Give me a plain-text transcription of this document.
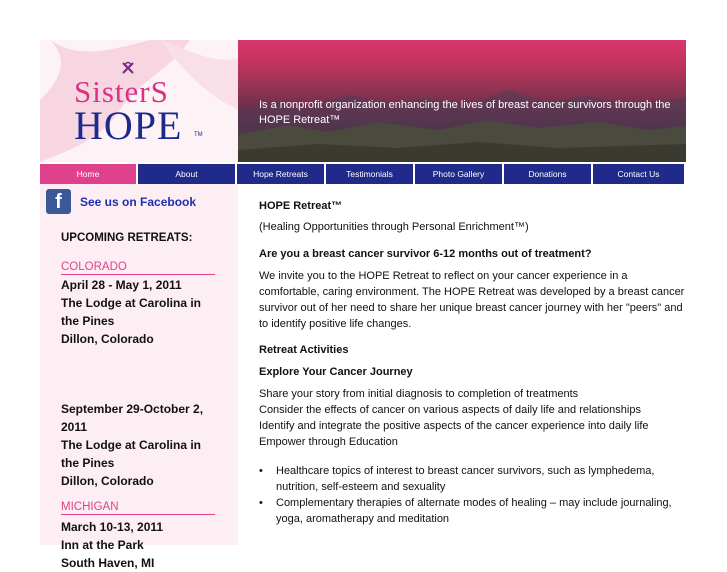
SisterS
HOPE TM
Is a nonprofit organization enhancing the lives of breast cancer survivors through the HOPE Retreat™
Home	About	Hope Retreats	Testimonials	Photo Gallery	Donations	Contact Us
f	See us on Facebook
UPCOMING RETREATS:
COLORADO
April 28 - May 1, 2011
The Lodge at Carolina in the Pines
Dillon, Colorado
September 29-October 2, 2011
The Lodge at Carolina in the Pines
Dillon, Colorado
MICHIGAN
March 10-13, 2011
Inn at the Park
South Haven, MI

HOPE Retreat™

(Healing Opportunities through Personal Enrichment™)

Are you a breast cancer survivor 6-12 months out of treatment?

We invite you to the HOPE Retreat to reflect on your cancer experience in a comfortable, caring environment. The HOPE Retreat was developed by a breast cancer survivor out of her need to share her unique breast cancer journey with her "peers" and to identify positive life changes.

Retreat Activities

Explore Your Cancer Journey

Share your story from initial diagnosis to completion of treatments

Consider the effects of cancer on various aspects of daily life and relationships

Identify and integrate the positive aspects of the cancer experience into daily life

Empower through Education

• Healthcare topics of interest to breast cancer survivors, such as lymphedema, nutrition, self-esteem and sexuality
• Complementary therapies of alternate modes of healing – may include journaling, yoga, aromatherapy and meditation
